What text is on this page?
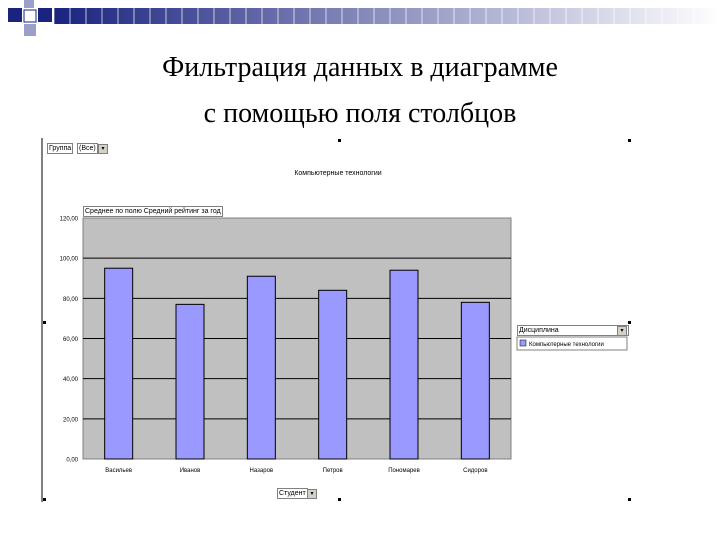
Фильтрация данных в диаграмме
с помощью поля столбцов
0,00
20,00
40,00
60,00
80,00
100,00
120,00
Васильев	Иванов	Назаров	Петров	Пономарев	Сидоров
Компьютерные технологии
Компьютерные технологии
Группа (Все) ▾
Среднее по полю Средний рейтинг за год
Дисциплина	▾
Студент ▾
